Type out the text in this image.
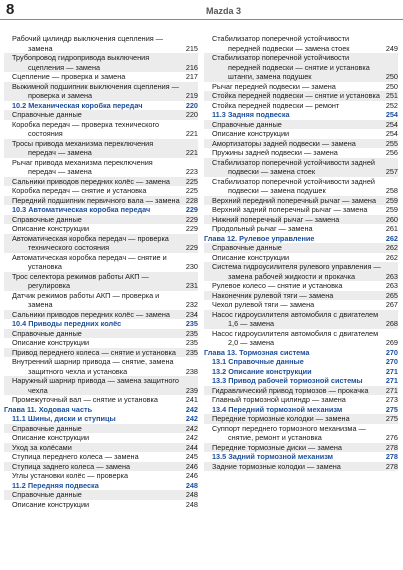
8	Mazda 3
Рабочий цилиндр выключения сцепления — замена	215
Трубопровод гидропривода выключения сцепления — замена	216
Сцепление — проверка и замена	217
Выжимной подшипник выключения сцепления — проверка и замена	219
10.2 Механическая коробка передач	220
Справочные данные	220
Коробка передач — проверка технического состояния	221
Тросы привода механизма переключения передач — замена	221
Рычаг привода механизма переключения передач — замена	223
Сальники приводов передних колёс — замена	225
Коробка передач — снятие и установка	225
Передний подшипник первичного вала — замена 228
10.3 Автоматическая коробка передач	229
Справочные данные	229
Описание конструкции	229
Автоматическая коробка передач — проверка технического состояния	229
Автоматическая коробка передач — снятие и установка	230
Трос селектора режимов работы АКП — регулировка	231
Датчик режимов работы АКП — проверка и замена	232
Сальники приводов передних колёс — замена	234
10.4 Приводы передних колёс	235
Справочные данные	235
Описание конструкции	235
Привод переднего колеса — снятие и установка	235
Внутренний шарнир привода — снятие, замена защитного чехла и установка	238
Наружный шарнир привода — замена защитного чехла	239
Промежуточный вал — снятие и установка	241
Глава 11. Ходовая часть	242
11.1 Шины, диски и ступицы	242
Справочные данные	242
Описание конструкции	242
Уход за колёсами	244
Ступица переднего колеса — замена	245
Ступица заднего колеса — замена	246
Углы установки колёс — проверка	246
11.2 Передняя подвеска	248
Справочные данные	248
Описание конструкции	248
Стабилизатор поперечной устойчивости передней подвески — замена стоек	249
Стабилизатор поперечной устойчивости передней подвески — снятие и установка штанги, замена подушек	250
Рычаг передней подвески — замена	250
Стойка передней подвески — снятие и установка 251
Стойка передней подвески — ремонт	252
11.3 Задняя подвеска	254
Справочные данные	254
Описание конструкции	254
Амортизаторы задней подвески — замена	255
Пружины задней подвески — замена	256
Стабилизатор поперечной устойчивости задней подвески — замена стоек	257
Стабилизатор поперечной устойчивости задней подвески — замена подушек	258
Верхний передний поперечный рычаг — замена	259
Верхний задний поперечный рычаг — замена	259
Нижний поперечный рычаг — замена	260
Продольный рычаг — замена	261
Глава 12. Рулевое управление	262
Справочные данные	262
Описание конструкции	262
Система гидроусилителя рулевого управления — замена рабочей жидкости и прокачка	263
Рулевое колесо — снятие и установка	263
Наконечник рулевой тяги — замена	265
Чехол рулевой тяги — замена	267
Насос гидроусилителя автомобиля с двигателем 1,6 — замена	268
Насос гидроусилителя автомобиля с двигателем 2,0 — замена	269
Глава 13. Тормозная система	270
13.1 Справочные данные	270
13.2 Описание конструкции	271
13.3 Привод рабочей тормозной системы	271
Гидравлический привод тормозов — прокачка	271
Главный тормозной цилиндр — замена	273
13.4 Передний тормозной механизм	275
Передние тормозные колодки — замена	275
Суппорт переднего тормозного механизма — снятие, ремонт и установка	276
Передние тормозные диски — замена	278
13.5 Задний тормозной механизм	278
Задние тормозные колодки — замена	278
